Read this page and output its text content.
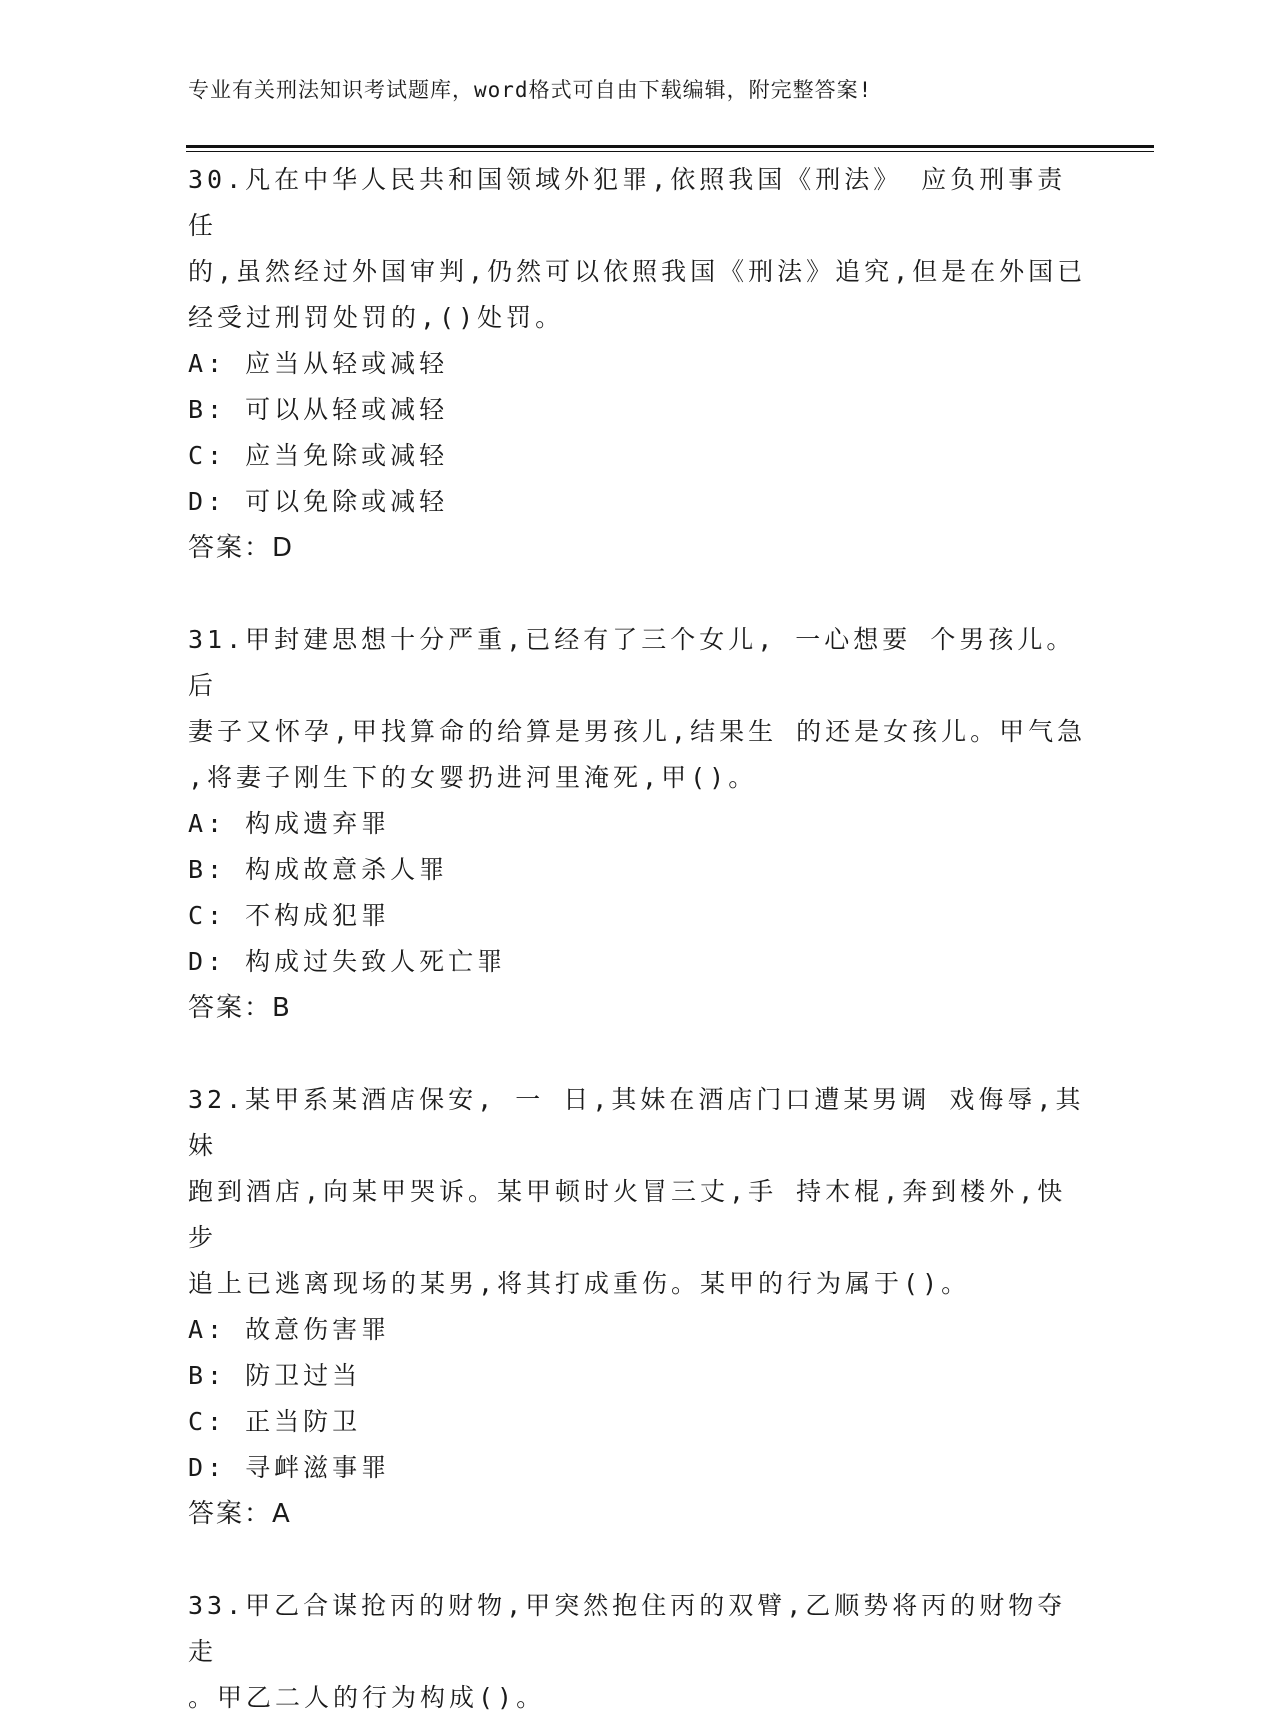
专业有关刑法知识考试题库，word格式可自由下载编辑，附完整答案!

30.凡在中华人民共和国领域外犯罪,依照我国《刑法》 应负刑事责任

的,虽然经过外国审判,仍然可以依照我国《刑法》追究,但是在外国已

经受过刑罚处罚的,()处罚。

A: 应当从轻或减轻

B: 可以从轻或减轻

C: 应当免除或减轻

D: 可以免除或减轻

答案：D

31.甲封建思想十分严重,已经有了三个女儿, 一心想要 个男孩儿。后

妻子又怀孕,甲找算命的给算是男孩儿,结果生 的还是女孩儿。甲气急

,将妻子刚生下的女婴扔进河里淹死,甲()。

A: 构成遗弃罪

B: 构成故意杀人罪

C: 不构成犯罪

D: 构成过失致人死亡罪

答案：B

32.某甲系某酒店保安, 一 日,其妹在酒店门口遭某男调 戏侮辱,其妹

跑到酒店,向某甲哭诉。某甲顿时火冒三丈,手 持木棍,奔到楼外,快步

追上已逃离现场的某男,将其打成重伤。某甲的行为属于()。

A: 故意伤害罪

B: 防卫过当

C: 正当防卫

D: 寻衅滋事罪

答案：A

33.甲乙合谋抢丙的财物,甲突然抱住丙的双臂,乙顺势将丙的财物夺走

。甲乙二人的行为构成()。
